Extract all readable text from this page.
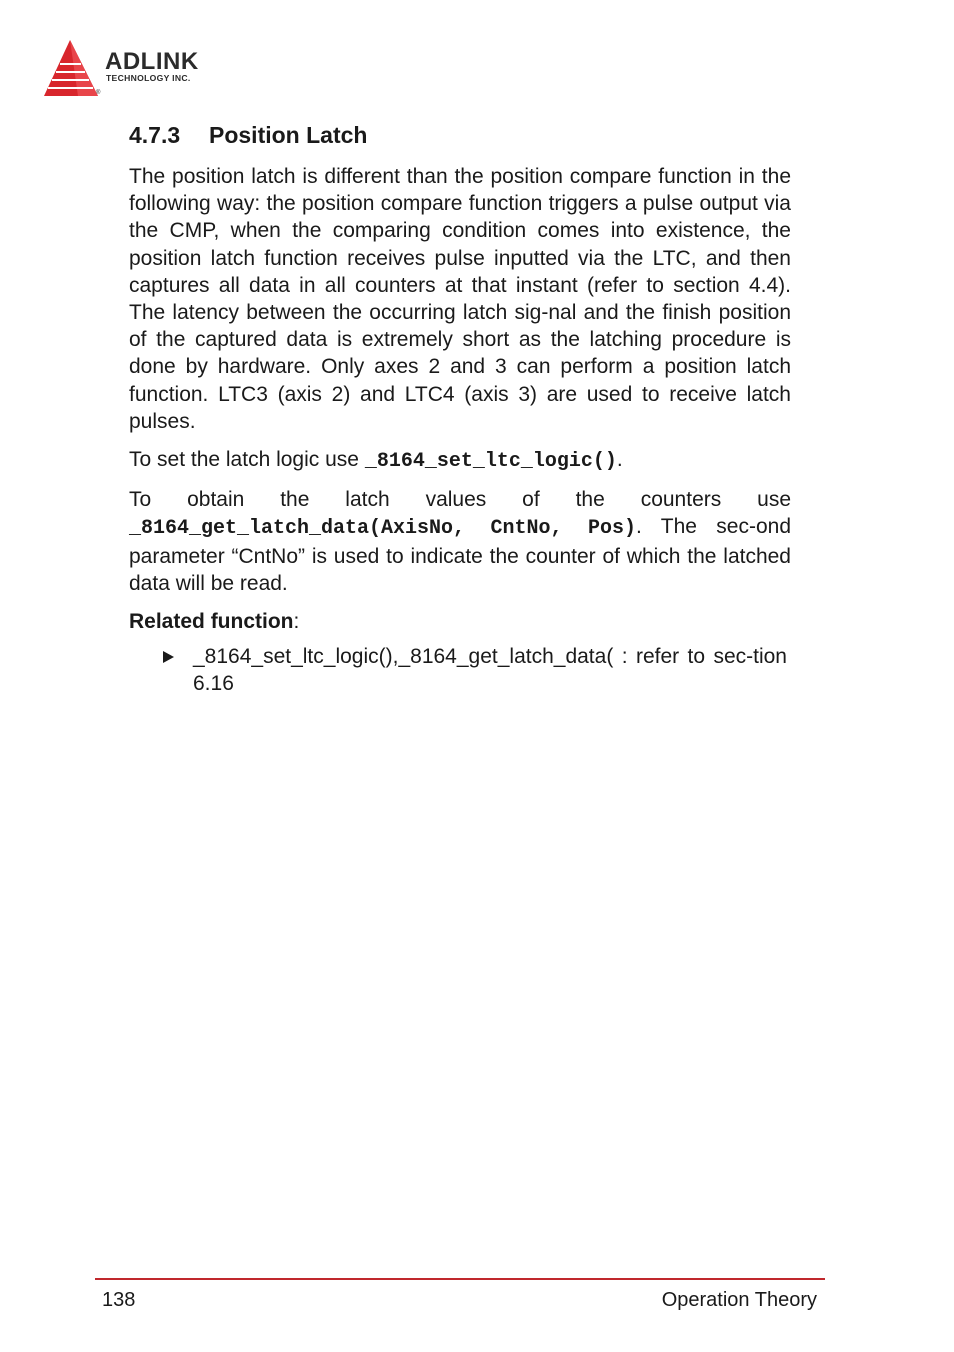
ADLINK
TECHNOLOGY INC.
®
4.7.3 Position Latch

The position latch is different than the position compare function in the following way: the position compare function triggers a pulse output via the CMP, when the comparing condition comes into existence, the position latch function receives pulse inputted via the LTC, and then captures all data in all counters at that instant (refer to section 4.4). The latency between the occurring latch sig-nal and the finish position of the captured data is extremely short as the latching procedure is done by hardware. Only axes 2 and 3 can perform a position latch function. LTC3 (axis 2) and LTC4 (axis 3) are used to receive latch pulses.

To set the latch logic use _8164_set_ltc_logic().

To obtain the latch values of the counters use _8164_get_latch_data(AxisNo, CntNo, Pos). The sec-ond parameter “CntNo” is used to indicate the counter of which the latched data will be read.

Related function:

_8164_set_ltc_logic(),_8164_get_latch_data( : refer to sec-tion 6.16

138	Operation Theory
